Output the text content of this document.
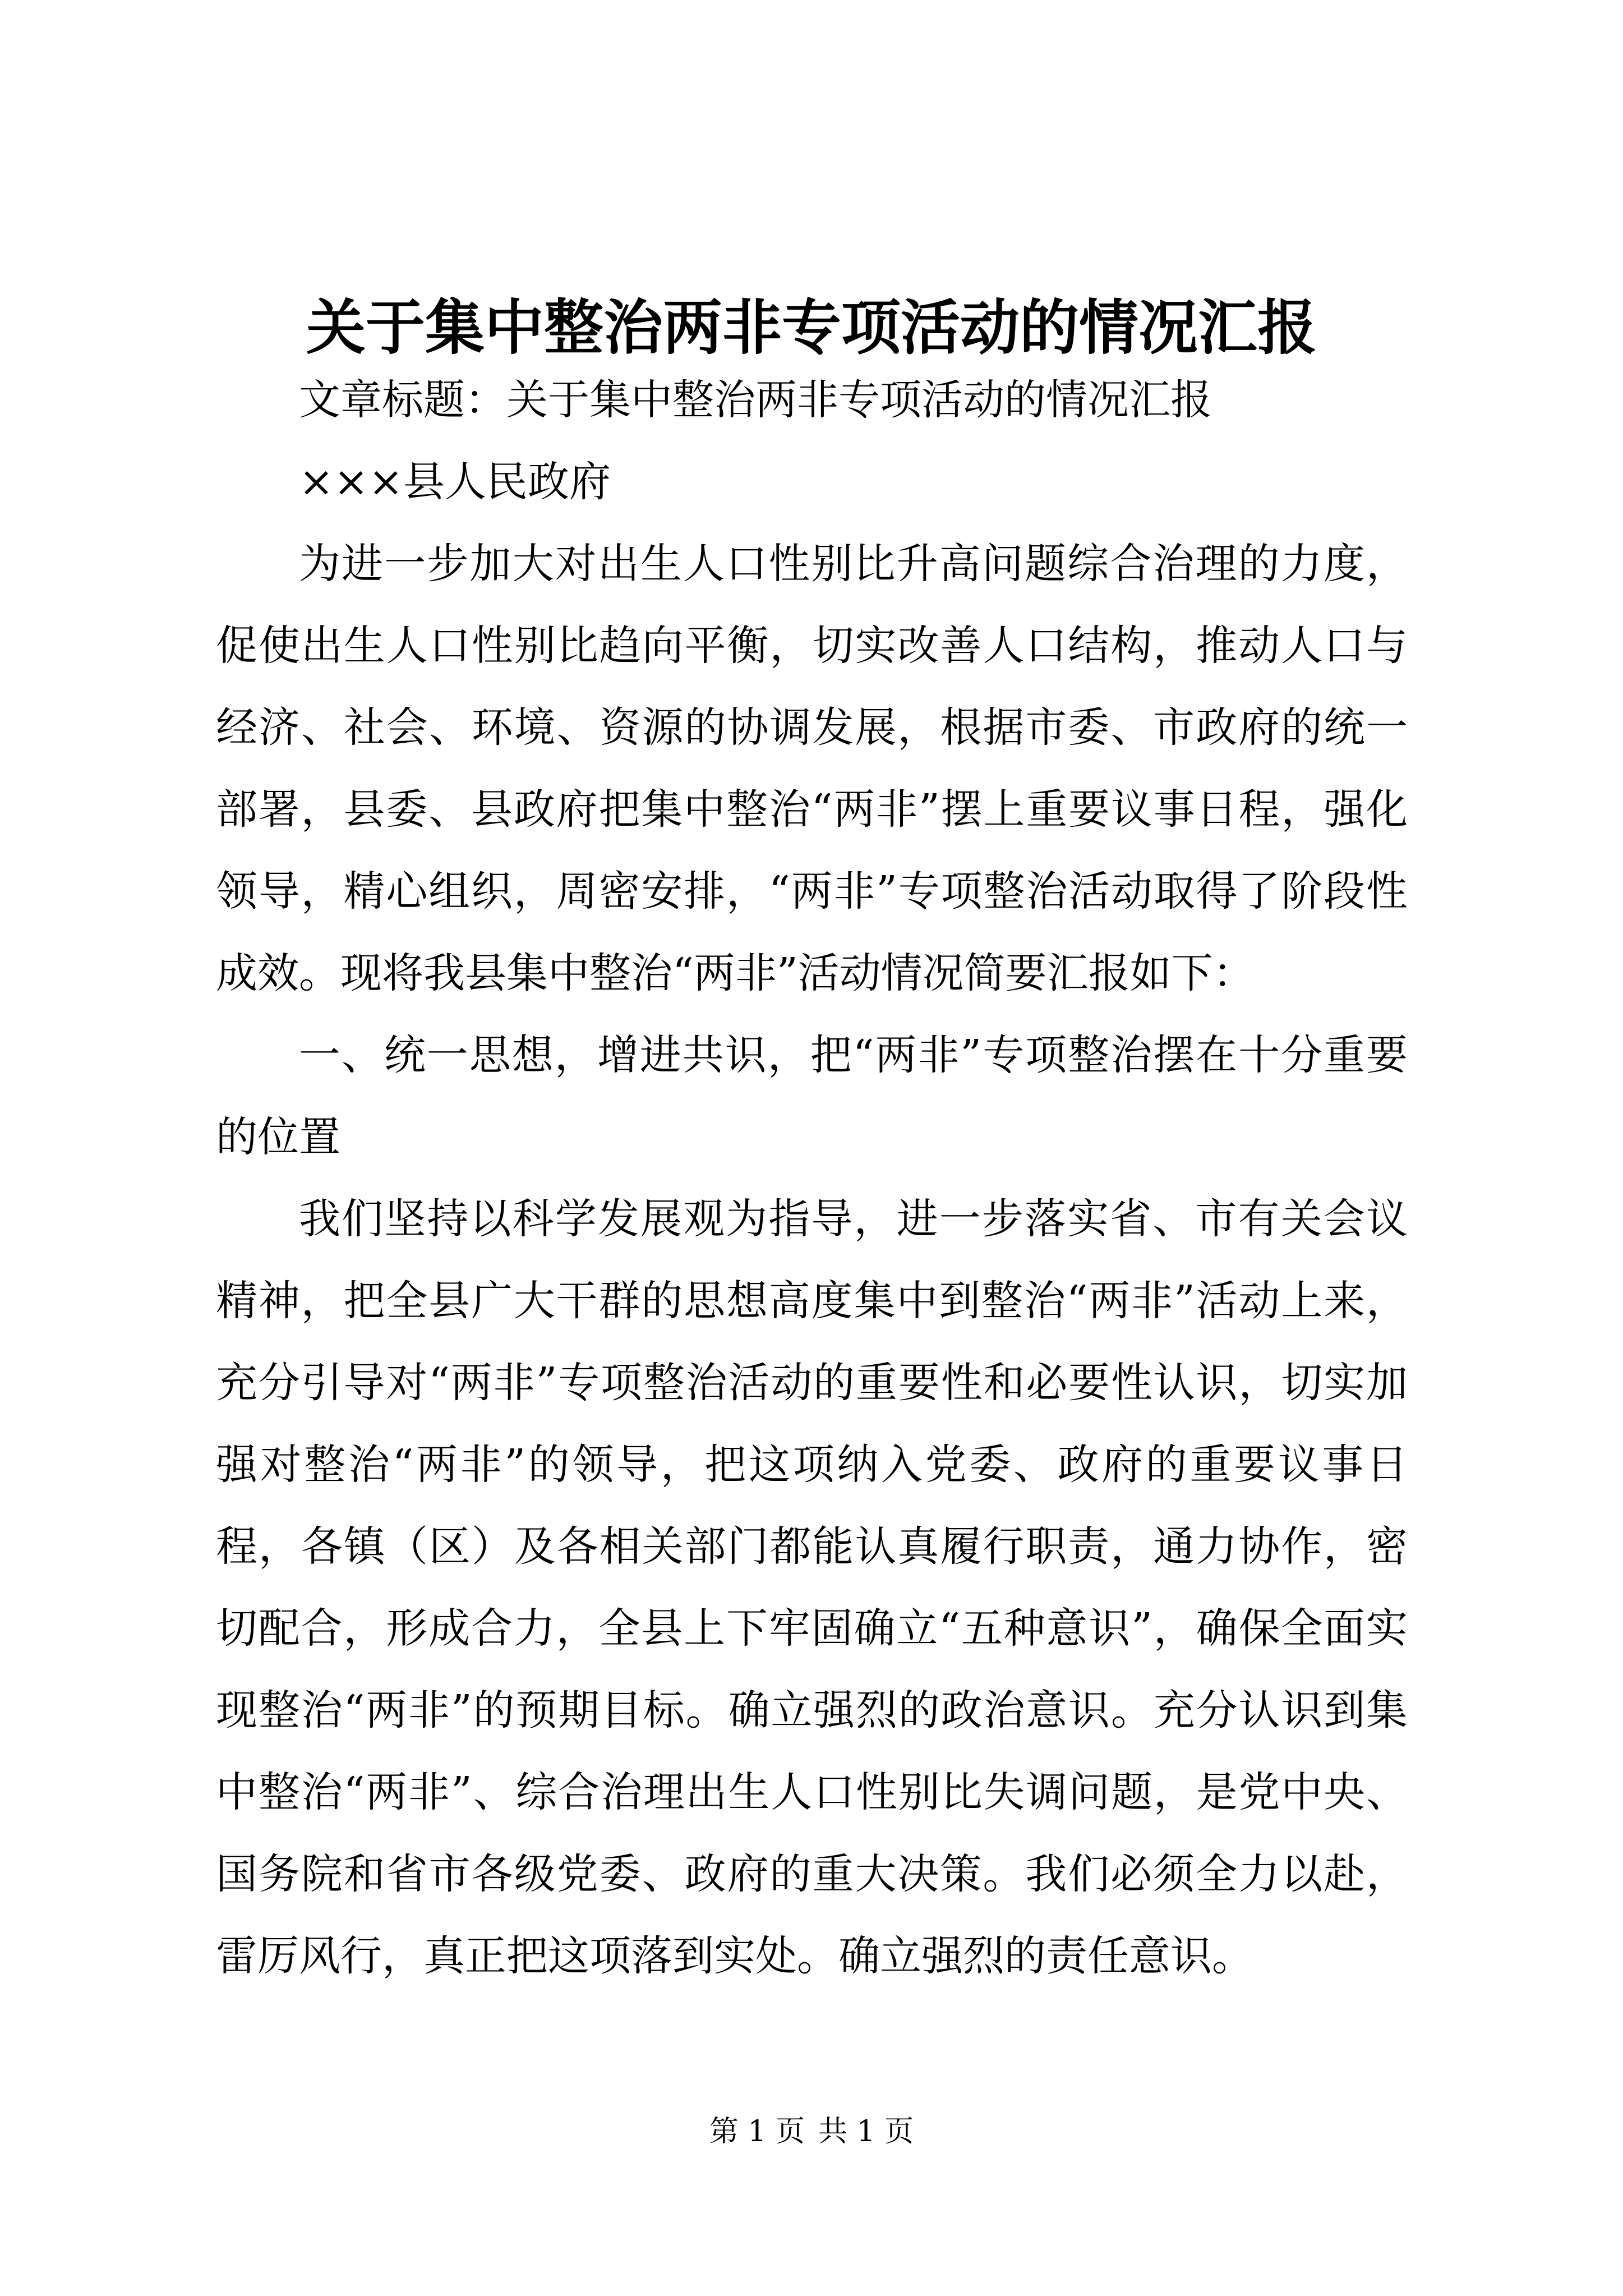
关于集中整治两非专项活动的情况汇报

文章标题：关于集中整治两非专项活动的情况汇报

×××县人民政府

为进一步加大对出生人口性别比升高问题综合治理的力度，促使出生人口性别比趋向平衡，切实改善人口结构，推动人口与经济、社会、环境、资源的协调发展，根据市委、市政府的统一部署，县委、县政府把集中整治“两非”摆上重要议事日程，强化领导，精心组织，周密安排，“两非”专项整治活动取得了阶段性成效。现将我县集中整治“两非”活动情况简要汇报如下：

一、统一思想，增进共识，把“两非”专项整治摆在十分重要的位置

我们坚持以科学发展观为指导，进一步落实省、市有关会议精神，把全县广大干群的思想高度集中到整治“两非”活动上来，充分引导对“两非”专项整治活动的重要性和必要性认识，切实加强对整治“两非”的领导，把这项纳入党委、政府的重要议事日程，各镇（区）及各相关部门都能认真履行职责，通力协作，密切配合，形成合力，全县上下牢固确立“五种意识”，确保全面实现整治“两非”的预期目标。确立强烈的政治意识。充分认识到集中整治“两非”、综合治理出生人口性别比失调问题，是党中央、国务院和省市各级党委、政府的重大决策。我们必须全力以赴，雷厉风行，真正把这项落到实处。确立强烈的责任意识。

第 1 页 共 1 页
